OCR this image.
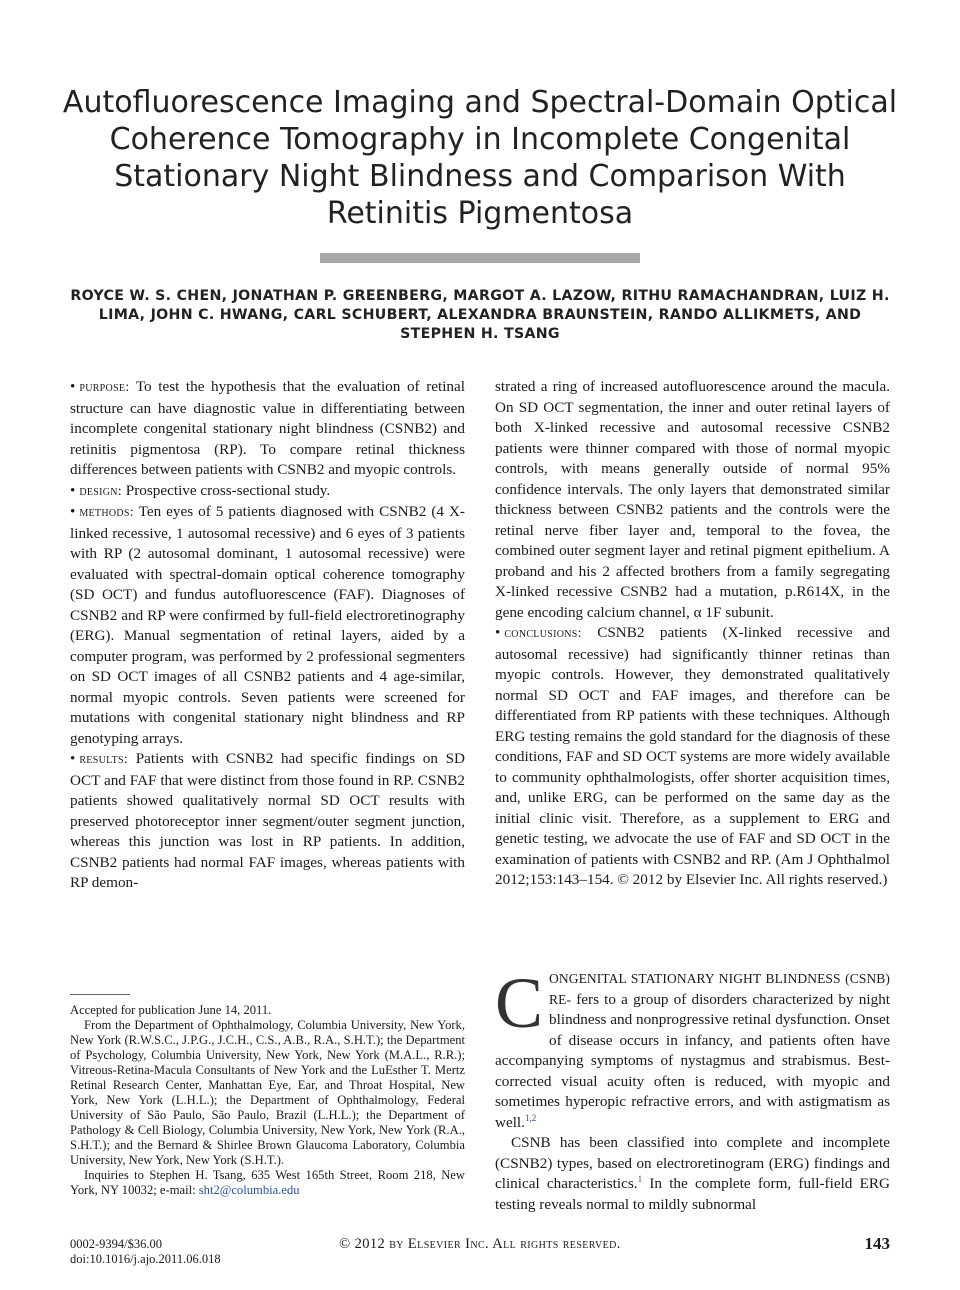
Autofluorescence Imaging and Spectral-Domain Optical Coherence Tomography in Incomplete Congenital Stationary Night Blindness and Comparison With Retinitis Pigmentosa
ROYCE W. S. CHEN, JONATHAN P. GREENBERG, MARGOT A. LAZOW, RITHU RAMACHANDRAN, LUIZ H. LIMA, JOHN C. HWANG, CARL SCHUBERT, ALEXANDRA BRAUNSTEIN, RANDO ALLIKMETS, AND STEPHEN H. TSANG

• purpose: To test the hypothesis that the evaluation of retinal structure can have diagnostic value in differentiating between incomplete congenital stationary night blindness (CSNB2) and retinitis pigmentosa (RP). To compare retinal thickness differences between patients with CSNB2 and myopic controls.

• design: Prospective cross-sectional study.

• methods: Ten eyes of 5 patients diagnosed with CSNB2 (4 X-linked recessive, 1 autosomal recessive) and 6 eyes of 3 patients with RP (2 autosomal dominant, 1 autosomal recessive) were evaluated with spectral-domain optical coherence tomography (SD OCT) and fundus autofluorescence (FAF). Diagnoses of CSNB2 and RP were confirmed by full-field electroretinography (ERG). Manual segmentation of retinal layers, aided by a computer program, was performed by 2 professional segmenters on SD OCT images of all CSNB2 patients and 4 age-similar, normal myopic controls. Seven patients were screened for mutations with congenital stationary night blindness and RP genotyping arrays.

• results: Patients with CSNB2 had specific findings on SD OCT and FAF that were distinct from those found in RP. CSNB2 patients showed qualitatively normal SD OCT results with preserved photoreceptor inner segment/outer segment junction, whereas this junction was lost in RP patients. In addition, CSNB2 patients had normal FAF images, whereas patients with RP demon-

strated a ring of increased autofluorescence around the macula. On SD OCT segmentation, the inner and outer retinal layers of both X-linked recessive and autosomal recessive CSNB2 patients were thinner compared with those of normal myopic controls, with means generally outside of normal 95% confidence intervals. The only layers that demonstrated similar thickness between CSNB2 patients and the controls were the retinal nerve fiber layer and, temporal to the fovea, the combined outer segment layer and retinal pigment epithelium. A proband and his 2 affected brothers from a family segregating X-linked recessive CSNB2 had a mutation, p.R614X, in the gene encoding calcium channel, α 1F subunit.

• conclusions: CSNB2 patients (X-linked recessive and autosomal recessive) had significantly thinner retinas than myopic controls. However, they demonstrated qualitatively normal SD OCT and FAF images, and therefore can be differentiated from RP patients with these techniques. Although ERG testing remains the gold standard for the diagnosis of these conditions, FAF and SD OCT systems are more widely available to community ophthalmologists, offer shorter acquisition times, and, unlike ERG, can be performed on the same day as the initial clinic visit. Therefore, as a supplement to ERG and genetic testing, we advocate the use of FAF and SD OCT in the examination of patients with CSNB2 and RP. (Am J Ophthalmol 2012;153:143–154. © 2012 by Elsevier Inc. All rights reserved.)

Accepted for publication June 14, 2011.

From the Department of Ophthalmology, Columbia University, New York, New York (R.W.S.C., J.P.G., J.C.H., C.S., A.B., R.A., S.H.T.); the Department of Psychology, Columbia University, New York, New York (M.A.L., R.R.); Vitreous-Retina-Macula Consultants of New York and the LuEsther T. Mertz Retinal Research Center, Manhattan Eye, Ear, and Throat Hospital, New York, New York (L.H.L.); the Department of Ophthalmology, Federal University of São Paulo, São Paulo, Brazil (L.H.L.); the Department of Pathology & Cell Biology, Columbia University, New York, New York (R.A., S.H.T.); and the Bernard & Shirlee Brown Glaucoma Laboratory, Columbia University, New York, New York (S.H.T.).

Inquiries to Stephen H. Tsang, 635 West 165th Street, Room 218, New York, NY 10032; e-mail: sht2@columbia.edu

CONGENITAL STATIONARY NIGHT BLINDNESS (CSNB) RE- fers to a group of disorders characterized by night blindness and nonprogressive retinal dysfunction. Onset of disease occurs in infancy, and patients often have accompanying symptoms of nystagmus and strabismus. Best-corrected visual acuity often is reduced, with myopic and sometimes hyperopic refractive errors, and with astigmatism as well.$^{1,2}$

CSNB has been classified into complete and incomplete (CSNB2) types, based on electroretinogram (ERG) findings and clinical characteristics.$^1$ In the complete form, full-field ERG testing reveals normal to mildly subnormal

0002-9394/$36.00
doi:10.1016/j.ajo.2011.06.018
© 2012 by Elsevier Inc. All rights reserved.	143
